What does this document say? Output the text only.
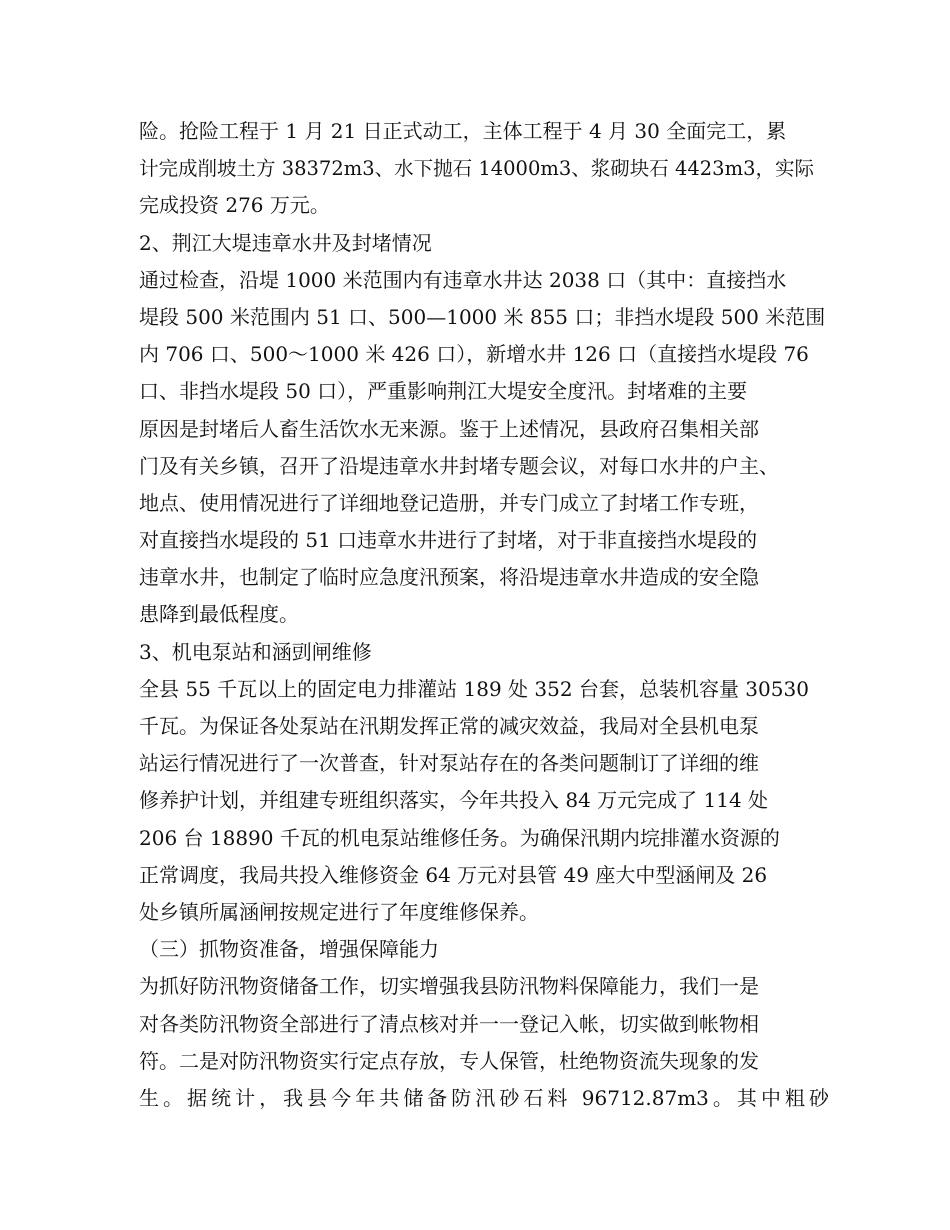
险。抢险工程于 1 月 21 日正式动工，主体工程于 4 月 30 全面完工，累
计完成削坡土方 38372m3、水下抛石 14000m3、浆砌块石 4423m3，实际
完成投资 276 万元。
2、荆江大堤违章水井及封堵情况
通过检查，沿堤 1000 米范围内有违章水井达 2038 口（其中：直接挡水
堤段 500 米范围内 51 口、500—1000 米 855 口；非挡水堤段 500 米范围
内 706 口、500～1000 米 426 口），新增水井 126 口（直接挡水堤段 76
口、非挡水堤段 50 口），严重影响荆江大堤安全度汛。封堵难的主要
原因是封堵后人畜生活饮水无来源。鉴于上述情况，县政府召集相关部
门及有关乡镇，召开了沿堤违章水井封堵专题会议，对每口水井的户主、
地点、使用情况进行了详细地登记造册，并专门成立了封堵工作专班，
对直接挡水堤段的 51 口违章水井进行了封堵，对于非直接挡水堤段的
违章水井，也制定了临时应急度汛预案，将沿堤违章水井造成的安全隐
患降到最低程度。
3、机电泵站和涵剅闸维修
全县 55 千瓦以上的固定电力排灌站 189 处 352 台套，总装机容量 30530
千瓦。为保证各处泵站在汛期发挥正常的减灾效益，我局对全县机电泵
站运行情况进行了一次普查，针对泵站存在的各类问题制订了详细的维
修养护计划，并组建专班组织落实，今年共投入 84 万元完成了 114 处
206 台 18890 千瓦的机电泵站维修任务。为确保汛期内垸排灌水资源的
正常调度，我局共投入维修资金 64 万元对县管 49 座大中型涵闸及 26
处乡镇所属涵闸按规定进行了年度维修保养。
（三）抓物资准备，增强保障能力
为抓好防汛物资储备工作，切实增强我县防汛物料保障能力，我们一是
对各类防汛物资全部进行了清点核对并一一登记入帐，切实做到帐物相
符。二是对防汛物资实行定点存放，专人保管，杜绝物资流失现象的发
生。据统计，我县今年共储备防汛砂石料 96712.87m3。其中粗砂
